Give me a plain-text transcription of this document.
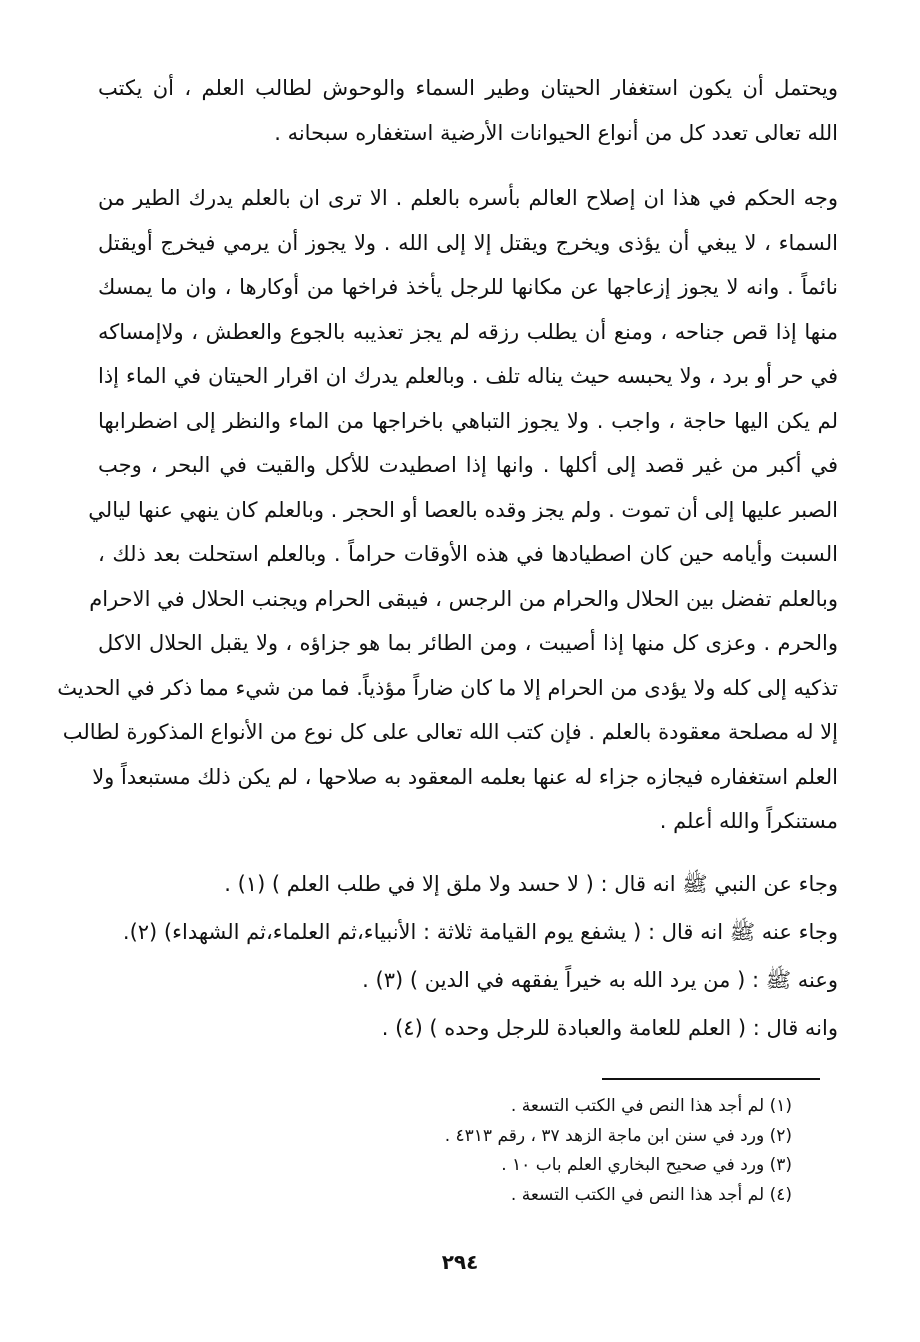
ويحتمل أن يكون استغفار الحيتان وطير السماء والوحوش لطالب العلم ، أن يكتب
الله تعالى تعدد كل من أنواع الحيوانات الأرضية استغفاره سبحانه .
وجه الحكم في هذا ان إصلاح العالم بأسره بالعلم . الا ترى ان بالعلم يدرك الطير من
السماء ، لا يبغي أن يؤذى ويخرج ويقتل إلا إلى الله . ولا يجوز أن يرمي فيخرج أويقتل
نائماً . وانه لا يجوز إزعاجها عن مكانها للرجل يأخذ فراخها من أوكارها ، وان ما يمسك
منها إذا قص جناحه ، ومنع أن يطلب رزقه لم يجز تعذيبه بالجوع والعطش ، ولاإمساكه
في حر أو برد ، ولا يحبسه حيث يناله تلف . وبالعلم يدرك ان اقرار الحيتان في الماء إذا
لم يكن اليها حاجة ، واجب . ولا يجوز التباهي باخراجها من الماء والنظر إلى اضطرابها
في أكبر من غير قصد إلى أكلها . وانها إذا اصطيدت للأكل والقيت في البحر ، وجب
الصبر عليها إلى أن تموت . ولم يجز وقده بالعصا أو الحجر . وبالعلم كان ينهي عنها ليالي
السبت وأيامه حين كان اصطيادها في هذه الأوقات حراماً . وبالعلم استحلت بعد ذلك ،
وبالعلم تفضل بين الحلال والحرام من الرجس ، فيبقى الحرام ويجنب الحلال في الاحرام
والحرم . وعزى كل منها إذا أصيبت ، ومن الطائر بما هو جزاؤه ، ولا يقبل الحلال الاكل
تذكيه إلى كله ولا يؤدى من الحرام إلا ما كان ضاراً مؤذياً. فما من شيء مما ذكر في الحديث
إلا له مصلحة معقودة بالعلم . فإن كتب الله تعالى على كل نوع من الأنواع المذكورة لطالب
العلم استغفاره فيجازه جزاء له عنها بعلمه المعقود به صلاحها ، لم يكن ذلك مستبعداً ولا
مستنكراً والله أعلم .
وجاء عن النبي ﷺ انه قال : ( لا حسد ولا ملق إلا في طلب العلم ) (١) .
وجاء عنه ﷺ انه قال : ( يشفع يوم القيامة ثلاثة : الأنبياء،ثم العلماء،ثم الشهداء) (٢).
وعنه ﷺ : ( من يرد الله به خيراً يفقهه في الدين ) (٣) .
وانه قال : ( العلم للعامة والعبادة للرجل وحده ) (٤) .
(١) لم أجد هذا النص في الكتب التسعة .
(٢) ورد في سنن ابن ماجة الزهد ٣٧ ، رقم ٤٣١٣ .
(٣) ورد في صحيح البخاري العلم باب ١٠ .
(٤) لم أجد هذا النص في الكتب التسعة .
٢٩٤
